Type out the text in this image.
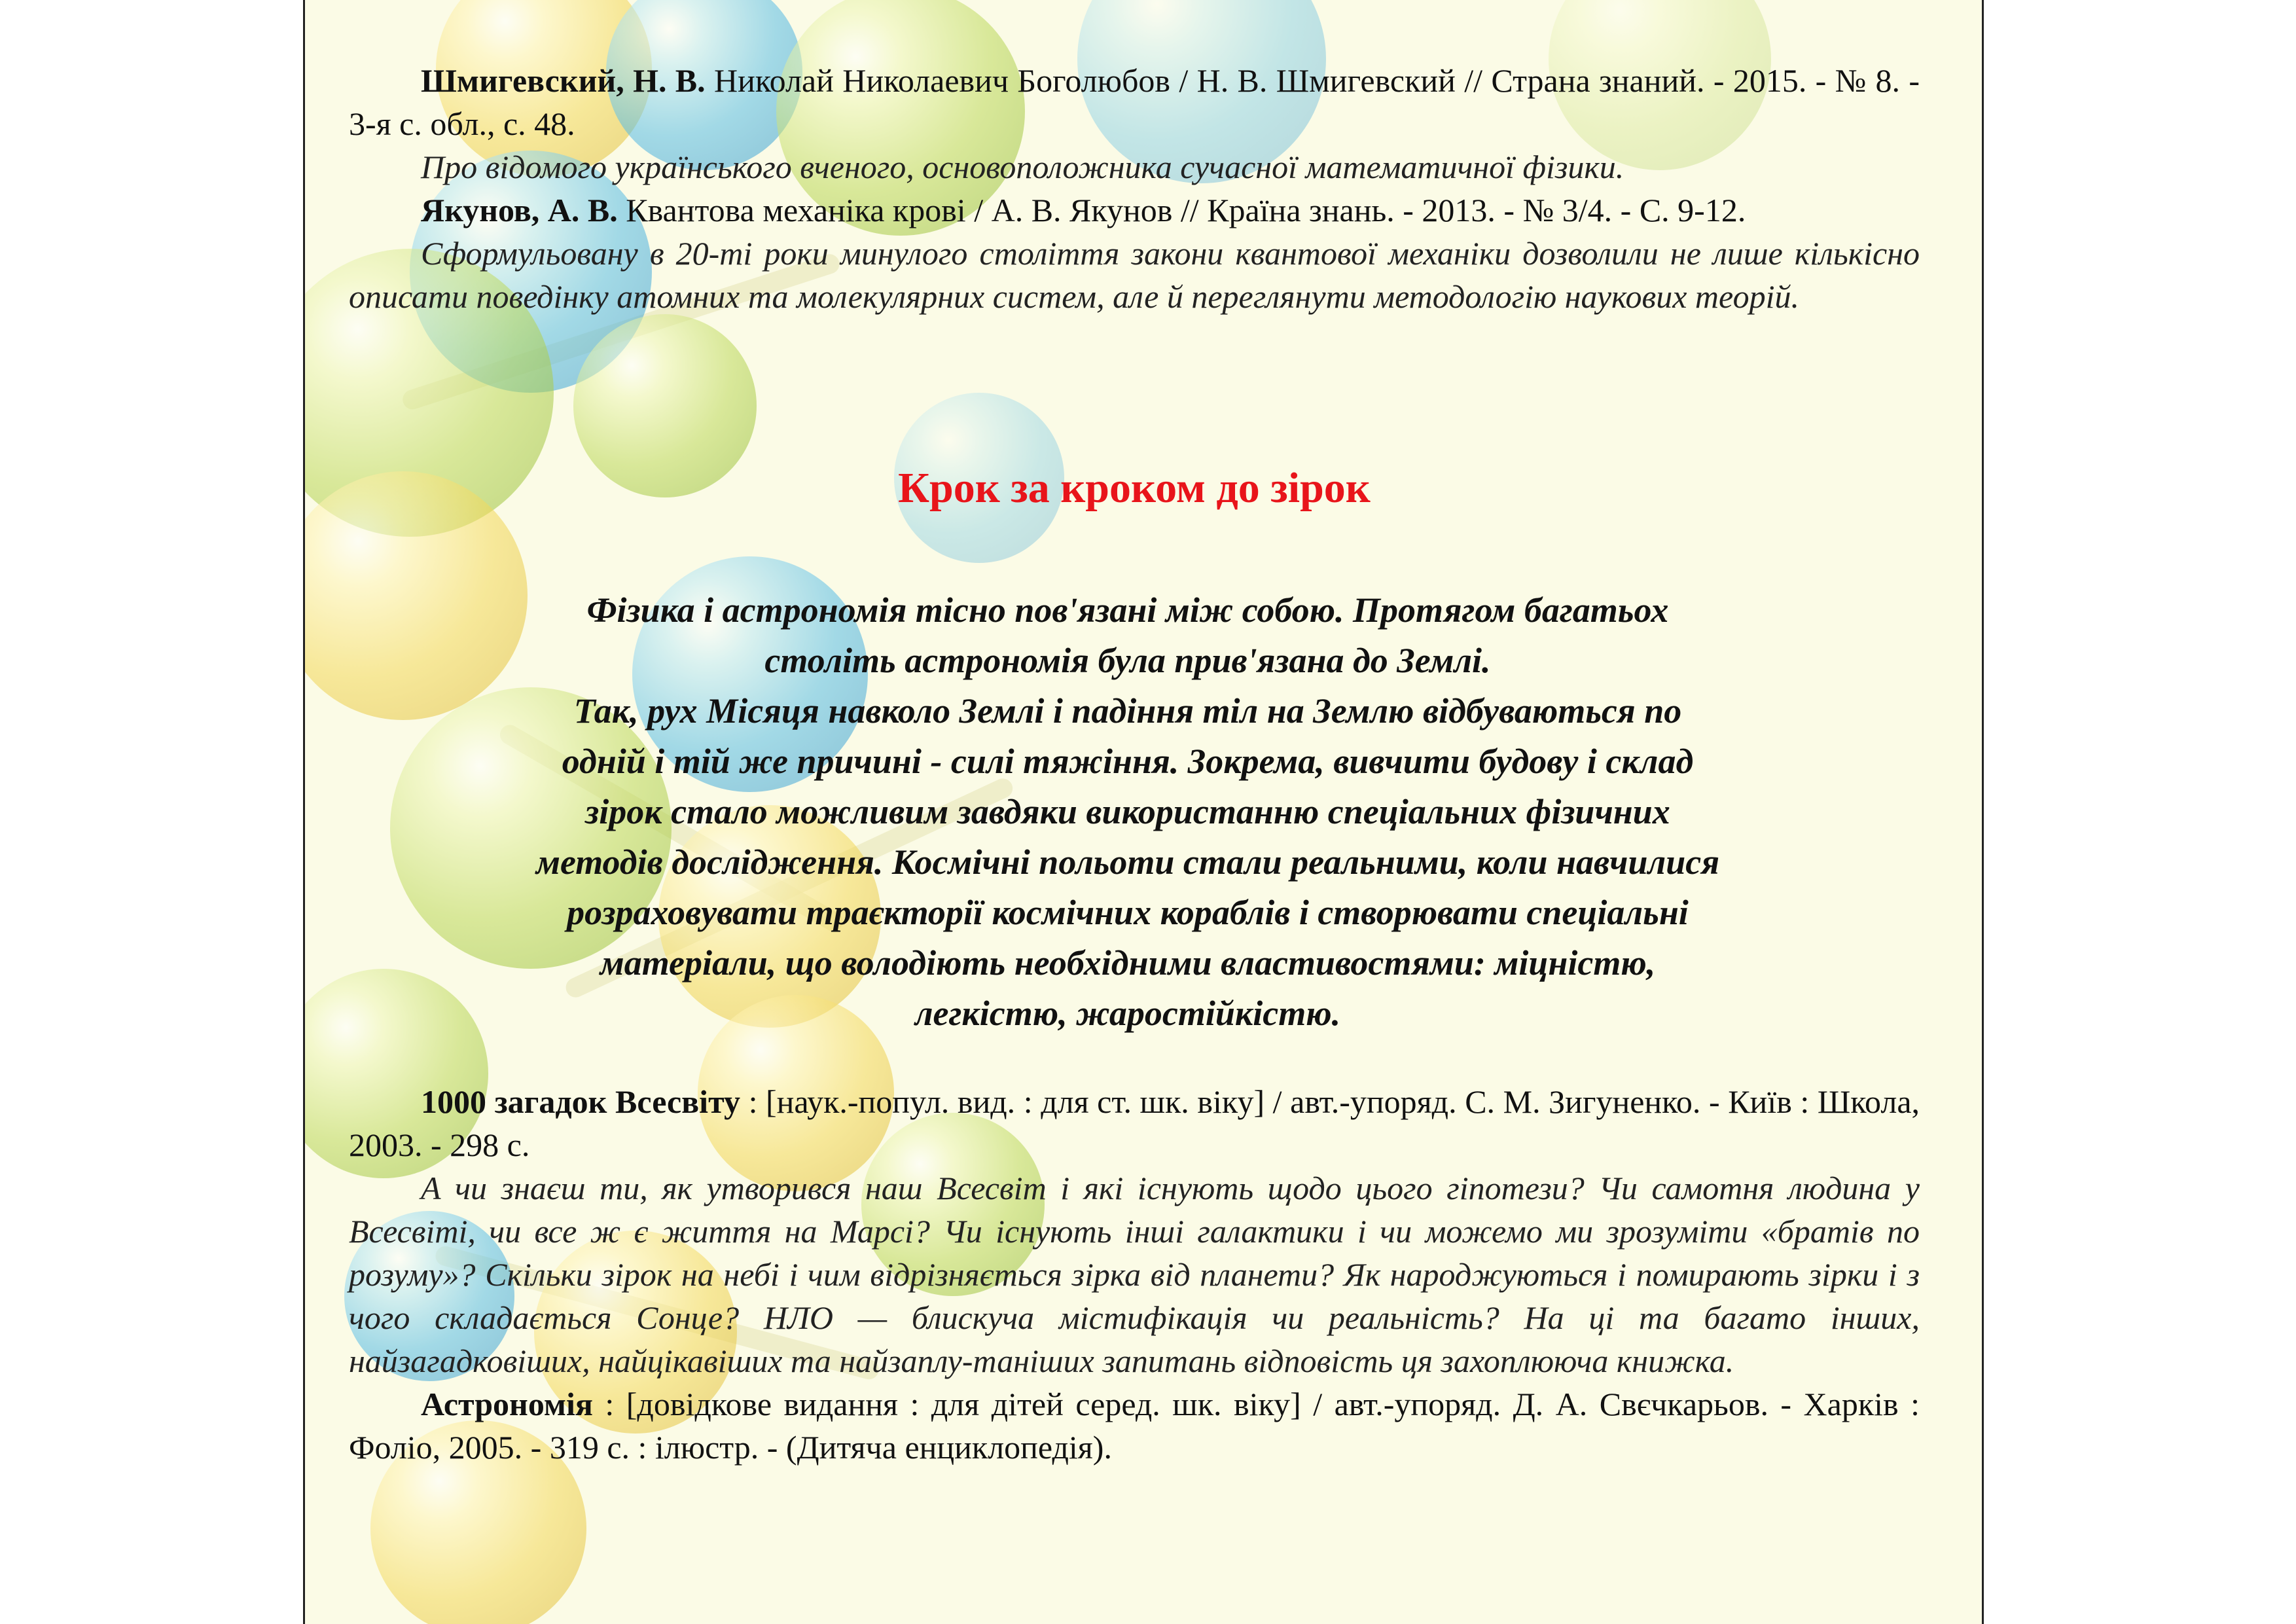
Шмигевский, Н. В. Николай Николаевич Боголюбов / Н. В. Шмигевский // Страна знаний. - 2015. - № 8. - 3-я с. обл., с. 48.

Про відомого українського вченого, основоположника сучасної математичної фізики.

Якунов, А. В. Квантова механіка крові / А. В. Якунов // Країна знань. - 2013. - № 3/4. - С. 9-12.

Сформульовану в 20-ті роки минулого століття закони квантової механіки дозволили не лише кількісно описати поведінку атомних та молекулярних систем, але й переглянути методологію наукових теорій.

Крок за кроком до зірок
Фізика і астрономія тісно пов'язані між собою. Протягом багатьох
століть астрономія була прив'язана до Землі.
Так, рух Місяця навколо Землі і падіння тіл на Землю відбуваються по
одній і тій же причині - силі тяжіння. Зокрема, вивчити будову і склад
зірок стало можливим завдяки використанню спеціальних фізичних
методів дослідження. Космічні польоти стали реальними, коли навчилися
розраховувати траєкторії космічних кораблів і створювати спеціальні
матеріали, що володіють необхідними властивостями: міцністю,
легкістю, жаростійкістю.

1000 загадок Всесвіту : [наук.-попул. вид. : для ст. шк. віку] / авт.-упоряд. С. М. Зигуненко. - Київ : Школа, 2003. - 298 с.

А чи знаєш ти, як утворився наш Всесвіт і які існують щодо цього гіпотези? Чи самотня людина у Всесвіті, чи все ж є життя на Марсі? Чи існують інші галактики і чи можемо ми зрозуміти «братів по розуму»? Скільки зірок на небі і чим відрізняється зірка від планети? Як народжуються і помирають зірки і з чого складається Сонце? НЛО — блискуча містифікація чи реальність? На ці та багато інших, найзагадковіших, найцікавіших та найзаплу-таніших запитань відповість ця захоплююча книжка.

Астрономія : [довідкове видання : для дітей серед. шк. віку] / авт.-упоряд. Д. А. Свєчкарьов. - Харків : Фоліо, 2005. - 319 с. : ілюстр. - (Дитяча енциклопедія).
